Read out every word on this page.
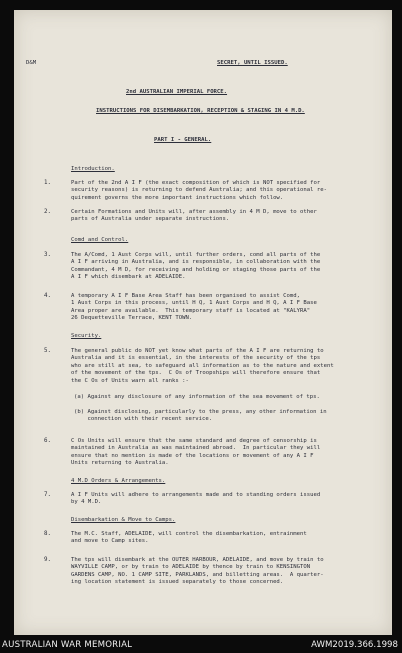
D&M	SECRET, UNTIL ISSUED.
2nd AUSTRALIAN IMPERIAL FORCE.
INSTRUCTIONS FOR DISEMBARKATION, RECEPTION & STAGING IN 4 M.D.
PART I - GENERAL.
Introduction.
1.	Part of the 2nd A I F (the exact composition of which is NOT specified for
security reasons) is returning to defend Australia; and this operational re-
quirement governs the more important instructions which follow.
2.	Certain Formations and Units will, after assembly in 4 M D, move to other
parts of Australia under separate instructions.
Comd and Control.
3.	The A/Comd, 1 Aust Corps will, until further orders, comd all parts of the
A I F arriving in Australia, and is responsible, in collaboration with the
Commandant, 4 M D, for receiving and holding or staging those parts of the
A I F which disembark at ADELAIDE.
4.	A temporary A I F Base Area Staff has been organised to assist Comd,
1 Aust Corps in this process, until H Q, 1 Aust Corps and H Q, A I F Base
Area proper are available.  This temporary staff is located at "KALYRA"
26 Dequetteville Terrace, KENT TOWN.
Security.
5.	The general public do NOT yet know what parts of the A I F are returning to
Australia and it is essential, in the interests of the security of the tps
who are still at sea, to safeguard all information as to the nature and extent
of the movement of the tps.  C Os of Troopships will therefore ensure that
the C Os of Units warn all ranks :-
(a) Against any disclosure of any information of the sea movement of tps.
(b) Against disclosing, particularly to the press, any other information in
connection with their recent service.
6.	C Os Units will ensure that the same standard and degree of censorship is
maintained in Australia as was maintained abroad.  In particular they will
ensure that no mention is made of the locations or movement of any A I F
Units returning to Australia.
4 M.D Orders & Arrangements.
7.	A I F Units will adhere to arrangements made and to standing orders issued
by 4 M.D.
Disembarkation & Move to Camps.
8.	The M.C. Staff, ADELAIDE, will control the disembarkation, entrainment
and move to Camp sites.
9.	The tps will disembark at the OUTER HARBOUR, ADELAIDE, and move by train to
WAYVILLE CAMP, or by train to ADELAIDE by thence by train to KENSINGTON
GARDENS CAMP, NO. 1 CAMP SITE, PARKLANDS, and billetting areas.  A quarter-
ing location statement is issued separately to those concerned.
AUSTRALIAN WAR MEMORIAL	AWM2019.366.1998
